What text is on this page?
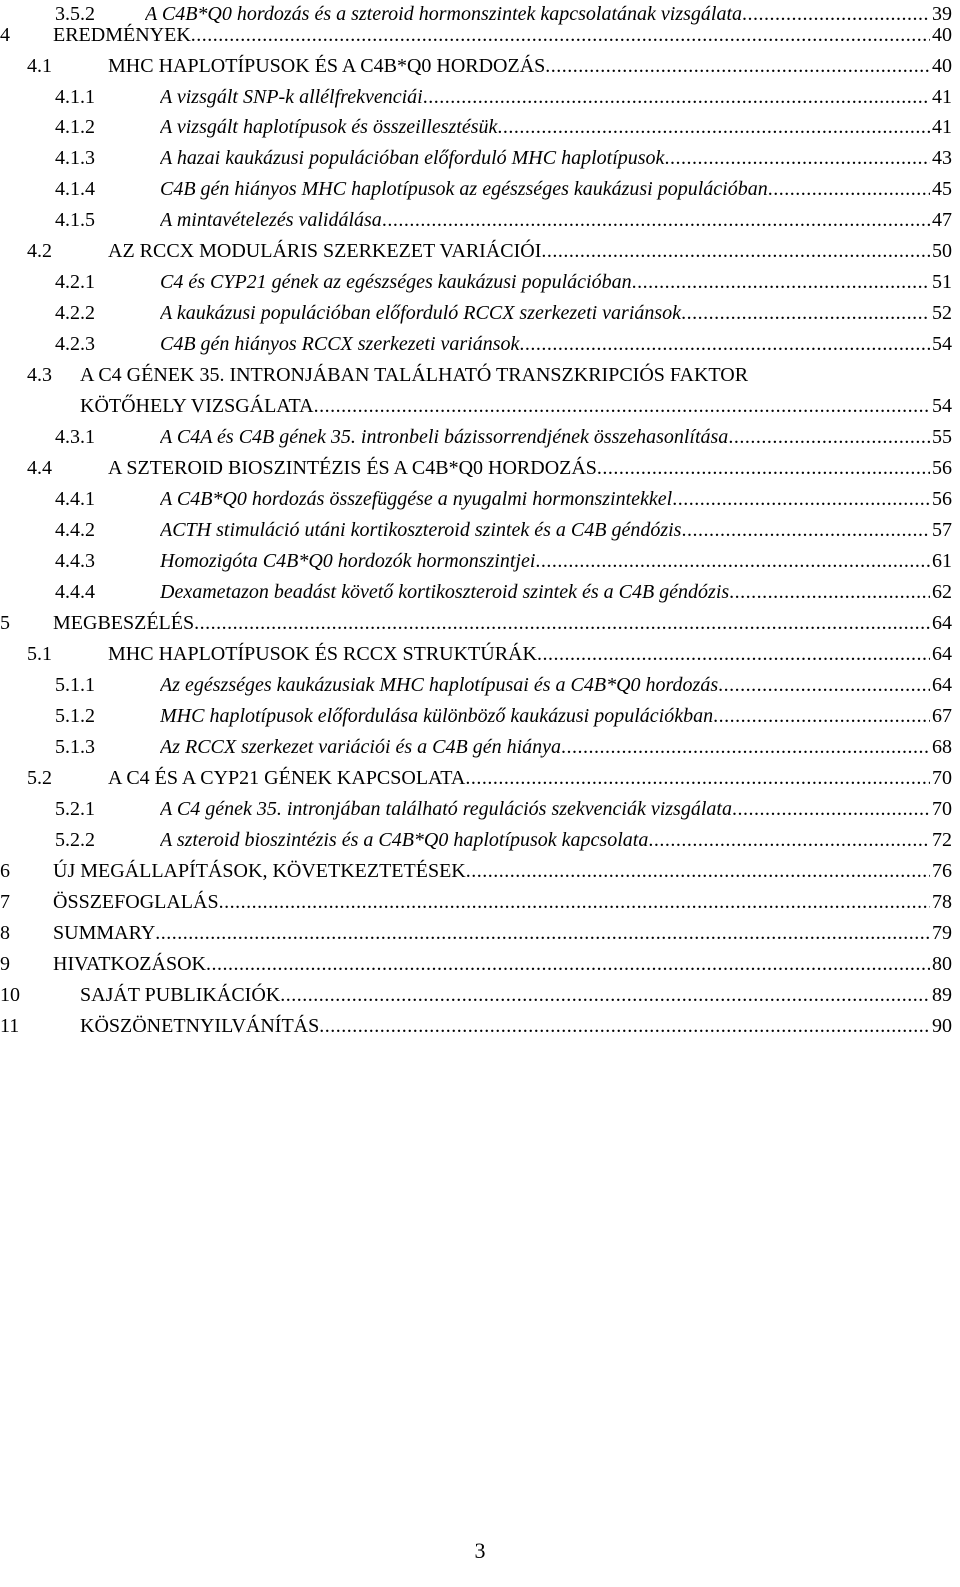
3.5.2	A C4B*Q0 hordozás és a szteroid hormonszintek kapcsolatának vizsgálata .....	39
4 EREDMÉNYEK .....	40
4.1	MHC HAPLOTÍPUSOK ÉS A C4B*Q0 HORDOZÁS .....	40
4.1.1	A vizsgált SNP-k allélfrekvenciái .....	41
4.1.2	A vizsgált haplotípusok és összeillesztésük .....	41
4.1.3	A hazai kaukázusi populációban előforduló MHC haplotípusok .....	43
4.1.4	C4B gén hiányos MHC haplotípusok az egészséges kaukázusi populációban .....	45
4.1.5	A mintavételezés validálása .....	47
4.2	AZ RCCX MODULÁRIS SZERKEZET VARIÁCIÓI .....	50
4.2.1	C4 és CYP21 gének az egészséges kaukázusi populációban .....	51
4.2.2	A kaukázusi populációban előforduló RCCX szerkezeti variánsok .....	52
4.2.3	C4B gén hiányos RCCX szerkezeti variánsok .....	54
4.3 A C4 GÉNEK 35. INTRONJÁBAN TALÁLHATÓ TRANSZKRIPCIÓS FAKTOR
KÖTŐHELY VIZSGÁLATA .....	54
4.3.1	A C4A és C4B gének 35. intronbeli bázissorrendjének összehasonlítása .....	55
4.4	A SZTEROID BIOSZINTÉZIS ÉS A C4B*Q0 HORDOZÁS .....	56
4.4.1	A C4B*Q0 hordozás összefüggése a nyugalmi hormonszintekkel .....	56
4.4.2	ACTH stimuláció utáni kortikoszteroid szintek és a C4B géndózis .....	57
4.4.3	Homozigóta C4B*Q0 hordozók hormonszintjei .....	61
4.4.4	Dexametazon beadást követő kortikoszteroid szintek és a C4B géndózis .....	62
5 MEGBESZÉLÉS .....	64
5.1	MHC HAPLOTÍPUSOK ÉS RCCX STRUKTÚRÁK .....	64
5.1.1	Az egészséges kaukázusiak MHC haplotípusai és a C4B*Q0 hordozás .....	64
5.1.2	MHC haplotípusok előfordulása különböző kaukázusi populációkban .....	67
5.1.3	Az RCCX szerkezet variációi és a C4B gén hiánya .....	68
5.2	A C4 ÉS A CYP21 GÉNEK KAPCSOLATA .....	70
5.2.1	A C4 gének 35. intronjában található regulációs szekvenciák vizsgálata .....	70
5.2.2	A szteroid bioszintézis és a C4B*Q0 haplotípusok kapcsolata .....	72
6 ÚJ MEGÁLLAPÍTÁSOK, KÖVETKEZTETÉSEK .....	76
7 ÖSSZEFOGLALÁS .....	78
8 SUMMARY .....	79
9 HIVATKOZÁSOK .....	80
10	SAJÁT PUBLIKÁCIÓK .....	89
11	KÖSZÖNETNYILVÁNÍTÁS .....	90
3
